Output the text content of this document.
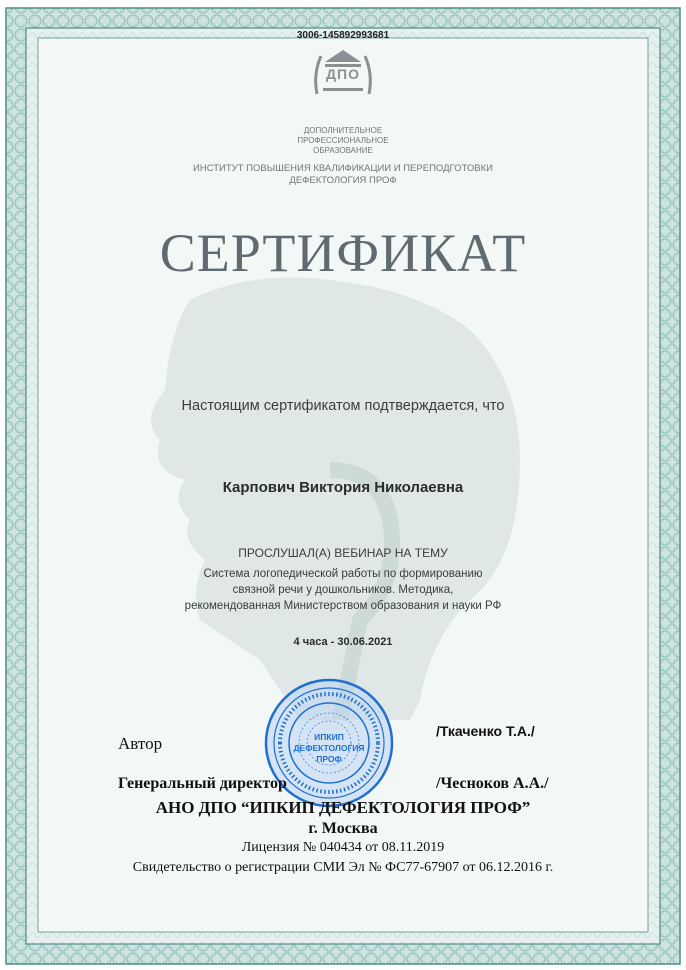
3006-145892993681
ДПО
ДОПОЛНИТЕЛЬНОЕ
ПРОФЕССИОНАЛЬНОЕ
ОБРАЗОВАНИЕ
ИНСТИТУТ ПОВЫШЕНИЯ КВАЛИФИКАЦИИ И ПЕРЕПОДГОТОВКИ
ДЕФЕКТОЛОГИЯ ПРОФ
СЕРТИФИКАТ
Настоящим сертификатом подтверждается, что
Карпович Виктория Николаевна
ПРОСЛУШАЛ(А) ВЕБИНАР НА ТЕМУ
Система логопедической работы по формированию
связной речи у дошкольников. Методика,
рекомендованная Министерством образования и науки РФ
4 часа - 30.06.2021
ИПКИП ДЕФЕКТОЛОГИЯ ПРОФ
Автор
/Ткаченко Т.А./
Генеральный директор	/Чесноков А.А./
АНО ДПО “ИПКИП ДЕФЕКТОЛОГИЯ ПРОФ”
г. Москва
Лицензия № 040434 от 08.11.2019
Свидетельство о регистрации СМИ Эл № ФС77-67907 от 06.12.2016 г.
